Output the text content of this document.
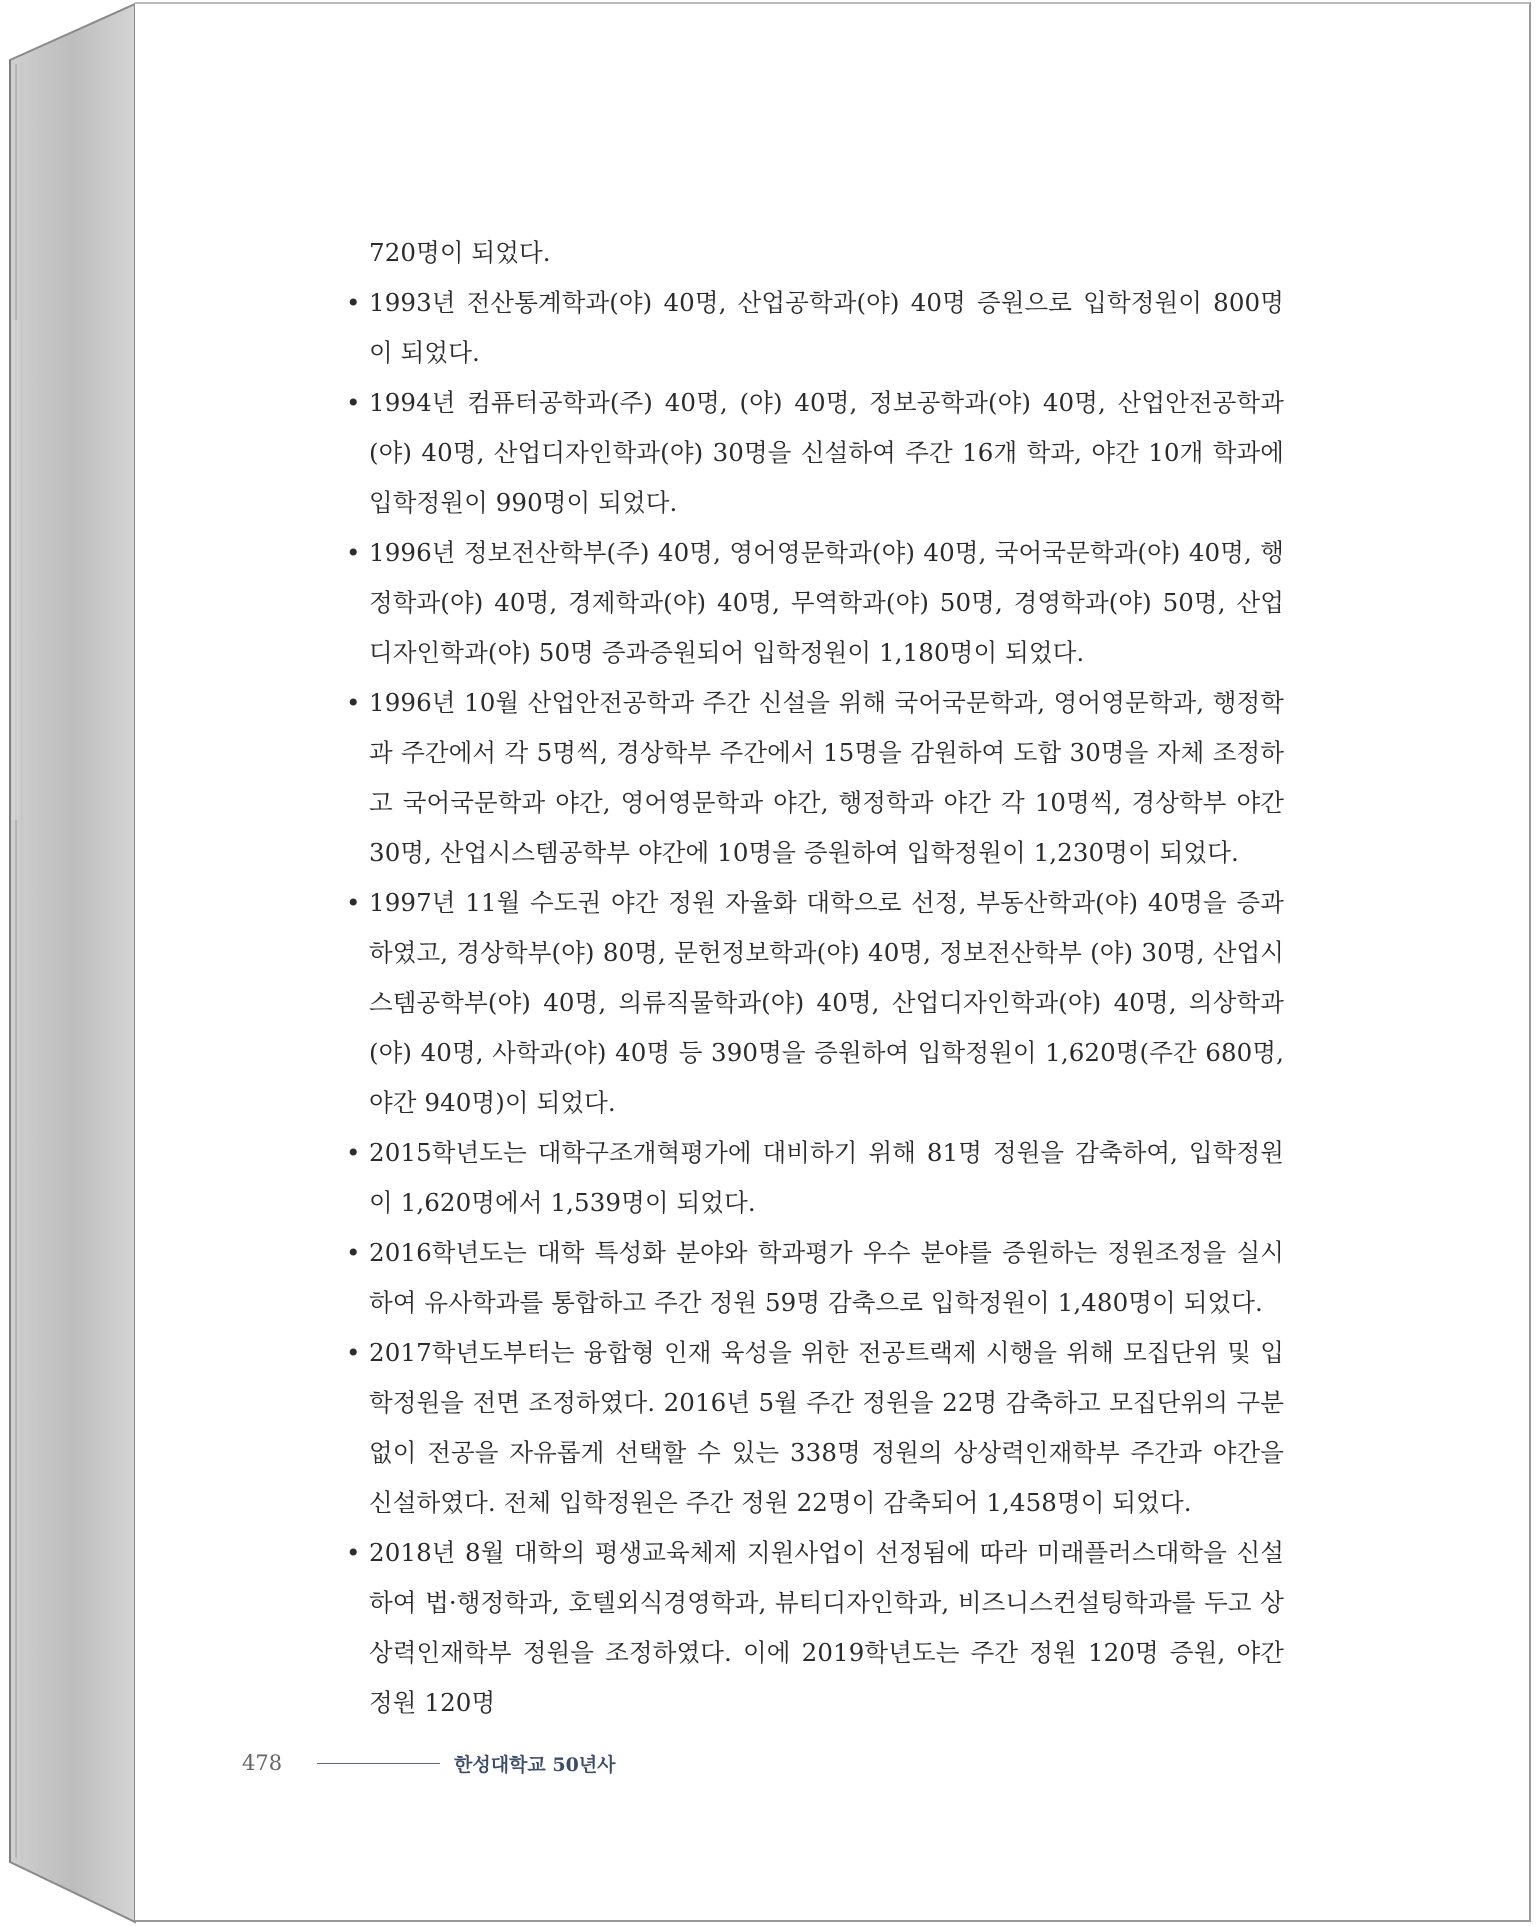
720명이 되었다.

• 1993년 전산통계학과(야) 40명, 산업공학과(야) 40명 증원으로 입학정원이 800명이 되었다.

• 1994년 컴퓨터공학과(주) 40명, (야) 40명, 정보공학과(야) 40명, 산업안전공학과(야) 40명, 산업디자인학과(야) 30명을 신설하여 주간 16개 학과, 야간 10개 학과에 입학정원이 990명이 되었다.

• 1996년 정보전산학부(주) 40명, 영어영문학과(야) 40명, 국어국문학과(야) 40명, 행정학과(야) 40명, 경제학과(야) 40명, 무역학과(야) 50명, 경영학과(야) 50명, 산업디자인학과(야) 50명 증과증원되어 입학정원이 1,180명이 되었다.

• 1996년 10월 산업안전공학과 주간 신설을 위해 국어국문학과, 영어영문학과, 행정학과 주간에서 각 5명씩, 경상학부 주간에서 15명을 감원하여 도합 30명을 자체 조정하고 국어국문학과 야간, 영어영문학과 야간, 행정학과 야간 각 10명씩, 경상학부 야간 30명, 산업시스템공학부 야간에 10명을 증원하여 입학정원이 1,230명이 되었다.

• 1997년 11월 수도권 야간 정원 자율화 대학으로 선정, 부동산학과(야) 40명을 증과하였고, 경상학부(야) 80명, 문헌정보학과(야) 40명, 정보전산학부 (야) 30명, 산업시스템공학부(야) 40명, 의류직물학과(야) 40명, 산업디자인학과(야) 40명, 의상학과(야) 40명, 사학과(야) 40명 등 390명을 증원하여 입학정원이 1,620명(주간 680명, 야간 940명)이 되었다.

• 2015학년도는 대학구조개혁평가에 대비하기 위해 81명 정원을 감축하여, 입학정원이 1,620명에서 1,539명이 되었다.

• 2016학년도는 대학 특성화 분야와 학과평가 우수 분야를 증원하는 정원조정을 실시하여 유사학과를 통합하고 주간 정원 59명 감축으로 입학정원이 1,480명이 되었다.

• 2017학년도부터는 융합형 인재 육성을 위한 전공트랙제 시행을 위해 모집단위 및 입학정원을 전면 조정하였다. 2016년 5월 주간 정원을 22명 감축하고 모집단위의 구분 없이 전공을 자유롭게 선택할 수 있는 338명 정원의 상상력인재학부 주간과 야간을 신설하였다. 전체 입학정원은 주간 정원 22명이 감축되어 1,458명이 되었다.

• 2018년 8월 대학의 평생교육체제 지원사업이 선정됨에 따라 미래플러스대학을 신설하여 법·행정학과, 호텔외식경영학과, 뷰티디자인학과, 비즈니스컨설팅학과를 두고 상상력인재학부 정원을 조정하였다. 이에 2019학년도는 주간 정원 120명 증원, 야간 정원 120명

478	한성대학교 50년사
